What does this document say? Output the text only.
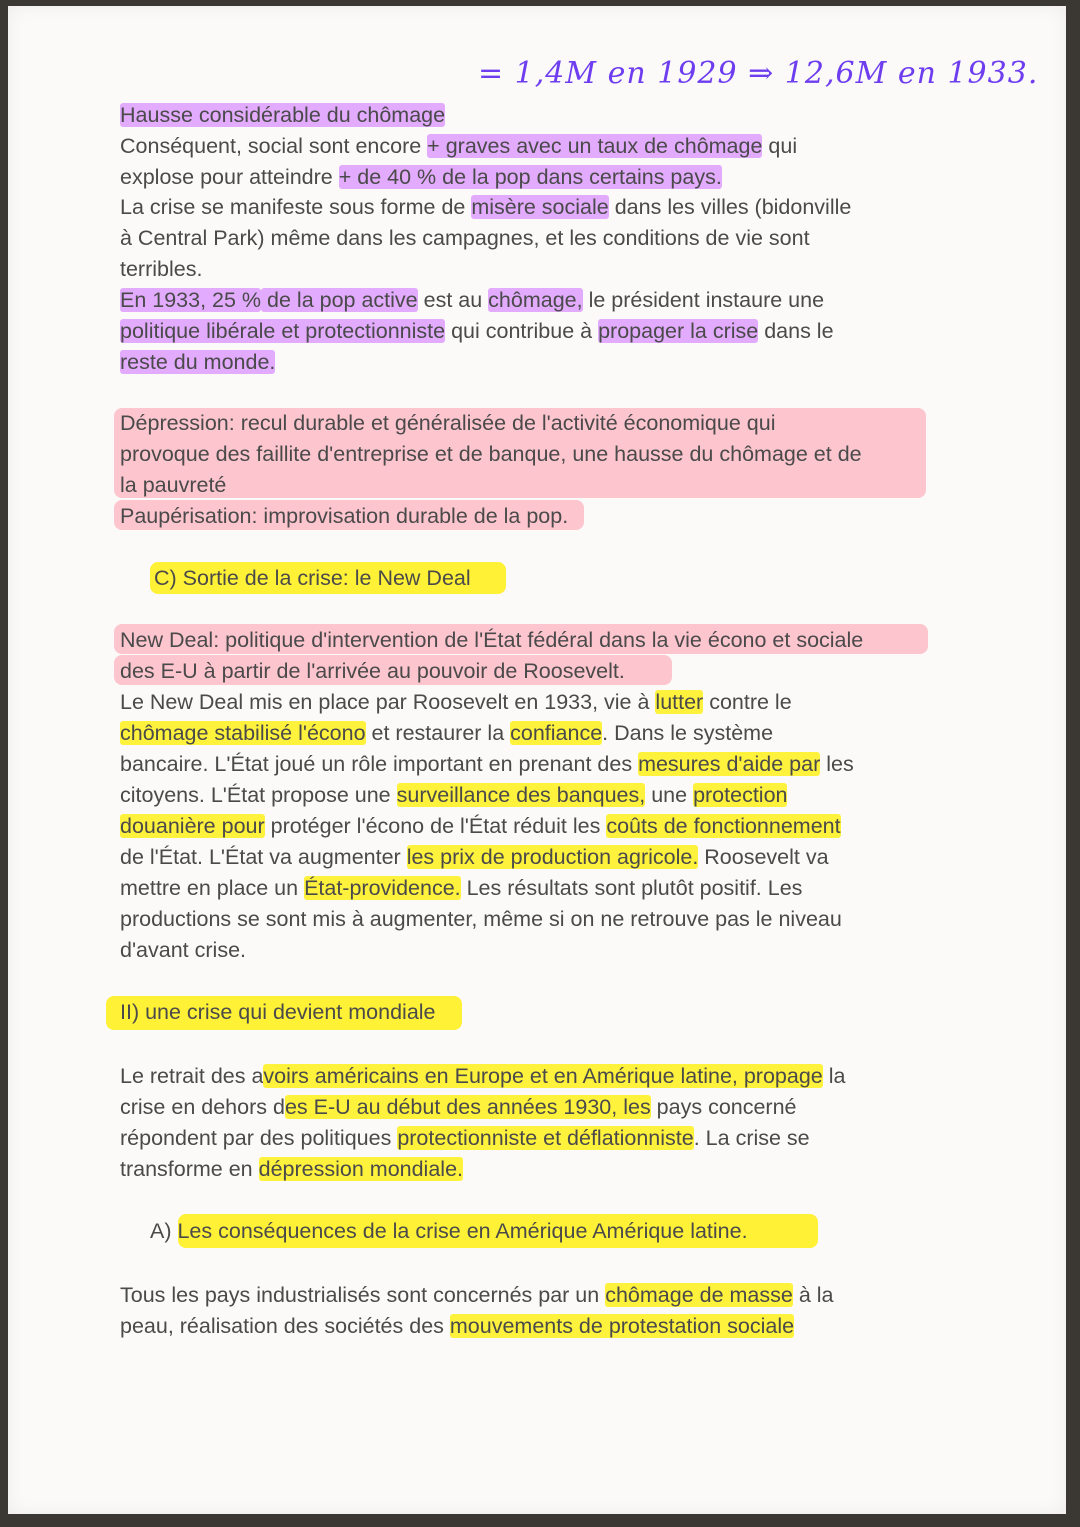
= 1,4M en 1929 ⇒ 12,6M en 1933.
Hausse considérable du chômage
Conséquent, social sont encore + graves avec un taux de chômage qui
explose pour atteindre + de 40 % de la pop dans certains pays.
La crise se manifeste sous forme de misère sociale dans les villes (bidonville
à Central Park) même dans les campagnes, et les conditions de vie sont
terribles.
En 1933, 25 % de la pop active est au chômage, le président instaure une
politique libérale et protectionniste qui contribue à propager la crise dans le
reste du monde.
Dépression: recul durable et généralisée de l'activité économique qui
provoque des faillite d'entreprise et de banque, une hausse du chômage et de
la pauvreté
Paupérisation: improvisation durable de la pop.
C) Sortie de la crise: le New Deal
New Deal: politique d'intervention de l'État fédéral dans la vie écono et sociale
des E-U à partir de l'arrivée au pouvoir de Roosevelt.
Le New Deal mis en place par Roosevelt en 1933, vie à lutter contre le
chômage stabilisé l'écono et restaurer la confiance. Dans le système
bancaire. L'État joué un rôle important en prenant des mesures d'aide par les
citoyens. L'État propose une surveillance des banques, une protection
douanière pour protéger l'écono de l'État réduit les coûts de fonctionnement
de l'État. L'État va augmenter les prix de production agricole. Roosevelt va
mettre en place un État-providence. Les résultats sont plutôt positif. Les
productions se sont mis à augmenter, même si on ne retrouve pas le niveau
d'avant crise.
II) une crise qui devient mondiale
Le retrait des avoirs américains en Europe et en Amérique latine, propage la
crise en dehors des E-U au début des années 1930, les pays concerné
répondent par des politiques protectionniste et déflationniste. La crise se
transforme en dépression mondiale.
A) Les conséquences de la crise en Amérique Amérique latine.
Tous les pays industrialisés sont concernés par un chômage de masse à la
peau, réalisation des sociétés des mouvements de protestation sociale
